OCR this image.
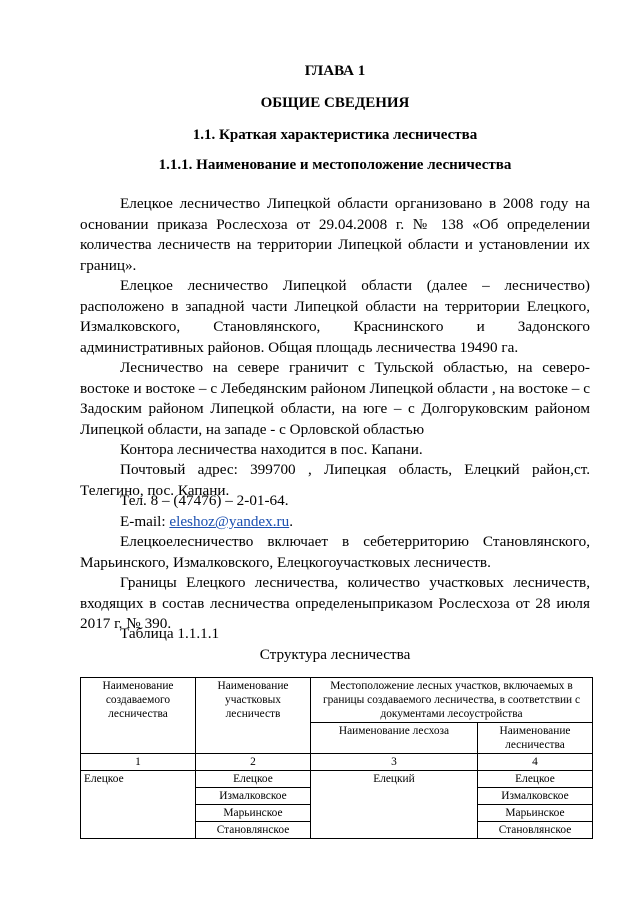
ГЛАВА 1
ОБЩИЕ СВЕДЕНИЯ
1.1. Краткая характеристика лесничества
1.1.1. Наименование и местоположение лесничества

Елецкое лесничество Липецкой области организовано в 2008 году на основании приказа Рослесхоза от 29.04.2008 г. № 138 «Об определении количества лесничеств на территории Липецкой области и установлении их границ».

Елецкое лесничество Липецкой области (далее – лесничество) расположено в западной части Липецкой области на территории Елецкого, Измалковского, Становлянского, Краснинского и Задонского административных районов. Общая площадь лесничества 19490 га.

Лесничество на севере граничит с Тульской областью, на северо-востоке и востоке – с Лебедянским районом Липецкой области , на востоке – с Задоским районом Липецкой области, на юге – с Долгоруковским районом Липецкой области, на западе - с Орловской областью

Контора лесничества находится в пос. Капани.

Почтовый адрес: 399700 , Липецкая область, Елецкий район,ст. Телегино, пос. Капани.

Тел. 8 – (47476) – 2-01-64.
E-mail: eleshoz@yandex.ru.

Елецкоелесничество включает в себетерриторию Становлянского, Марьинского, Измалковского, Елецкогоучастковых лесничеств.

Границы Елецкого лесничества, количество участковых лесничеств, входящих в состав лесничества определеныприказом Рослесхоза от 28 июля 2017 г. № 390.

Таблица 1.1.1.1
Структура лесничества
Наименование создаваемого лесничества	Наименование участковых лесничеств	Местоположение лесных участков, включаемых в границы создаваемого лесничества, в соответствии с документами лесоустройства	
		Наименование лесхоза	Наименование лесничества
1	2	3	4
Елецкое	Елецкое	Елецкий	Елецкое
	Измалковское		Измалковское
	Марьинское		Марьинское
	Становлянское		Становлянское
